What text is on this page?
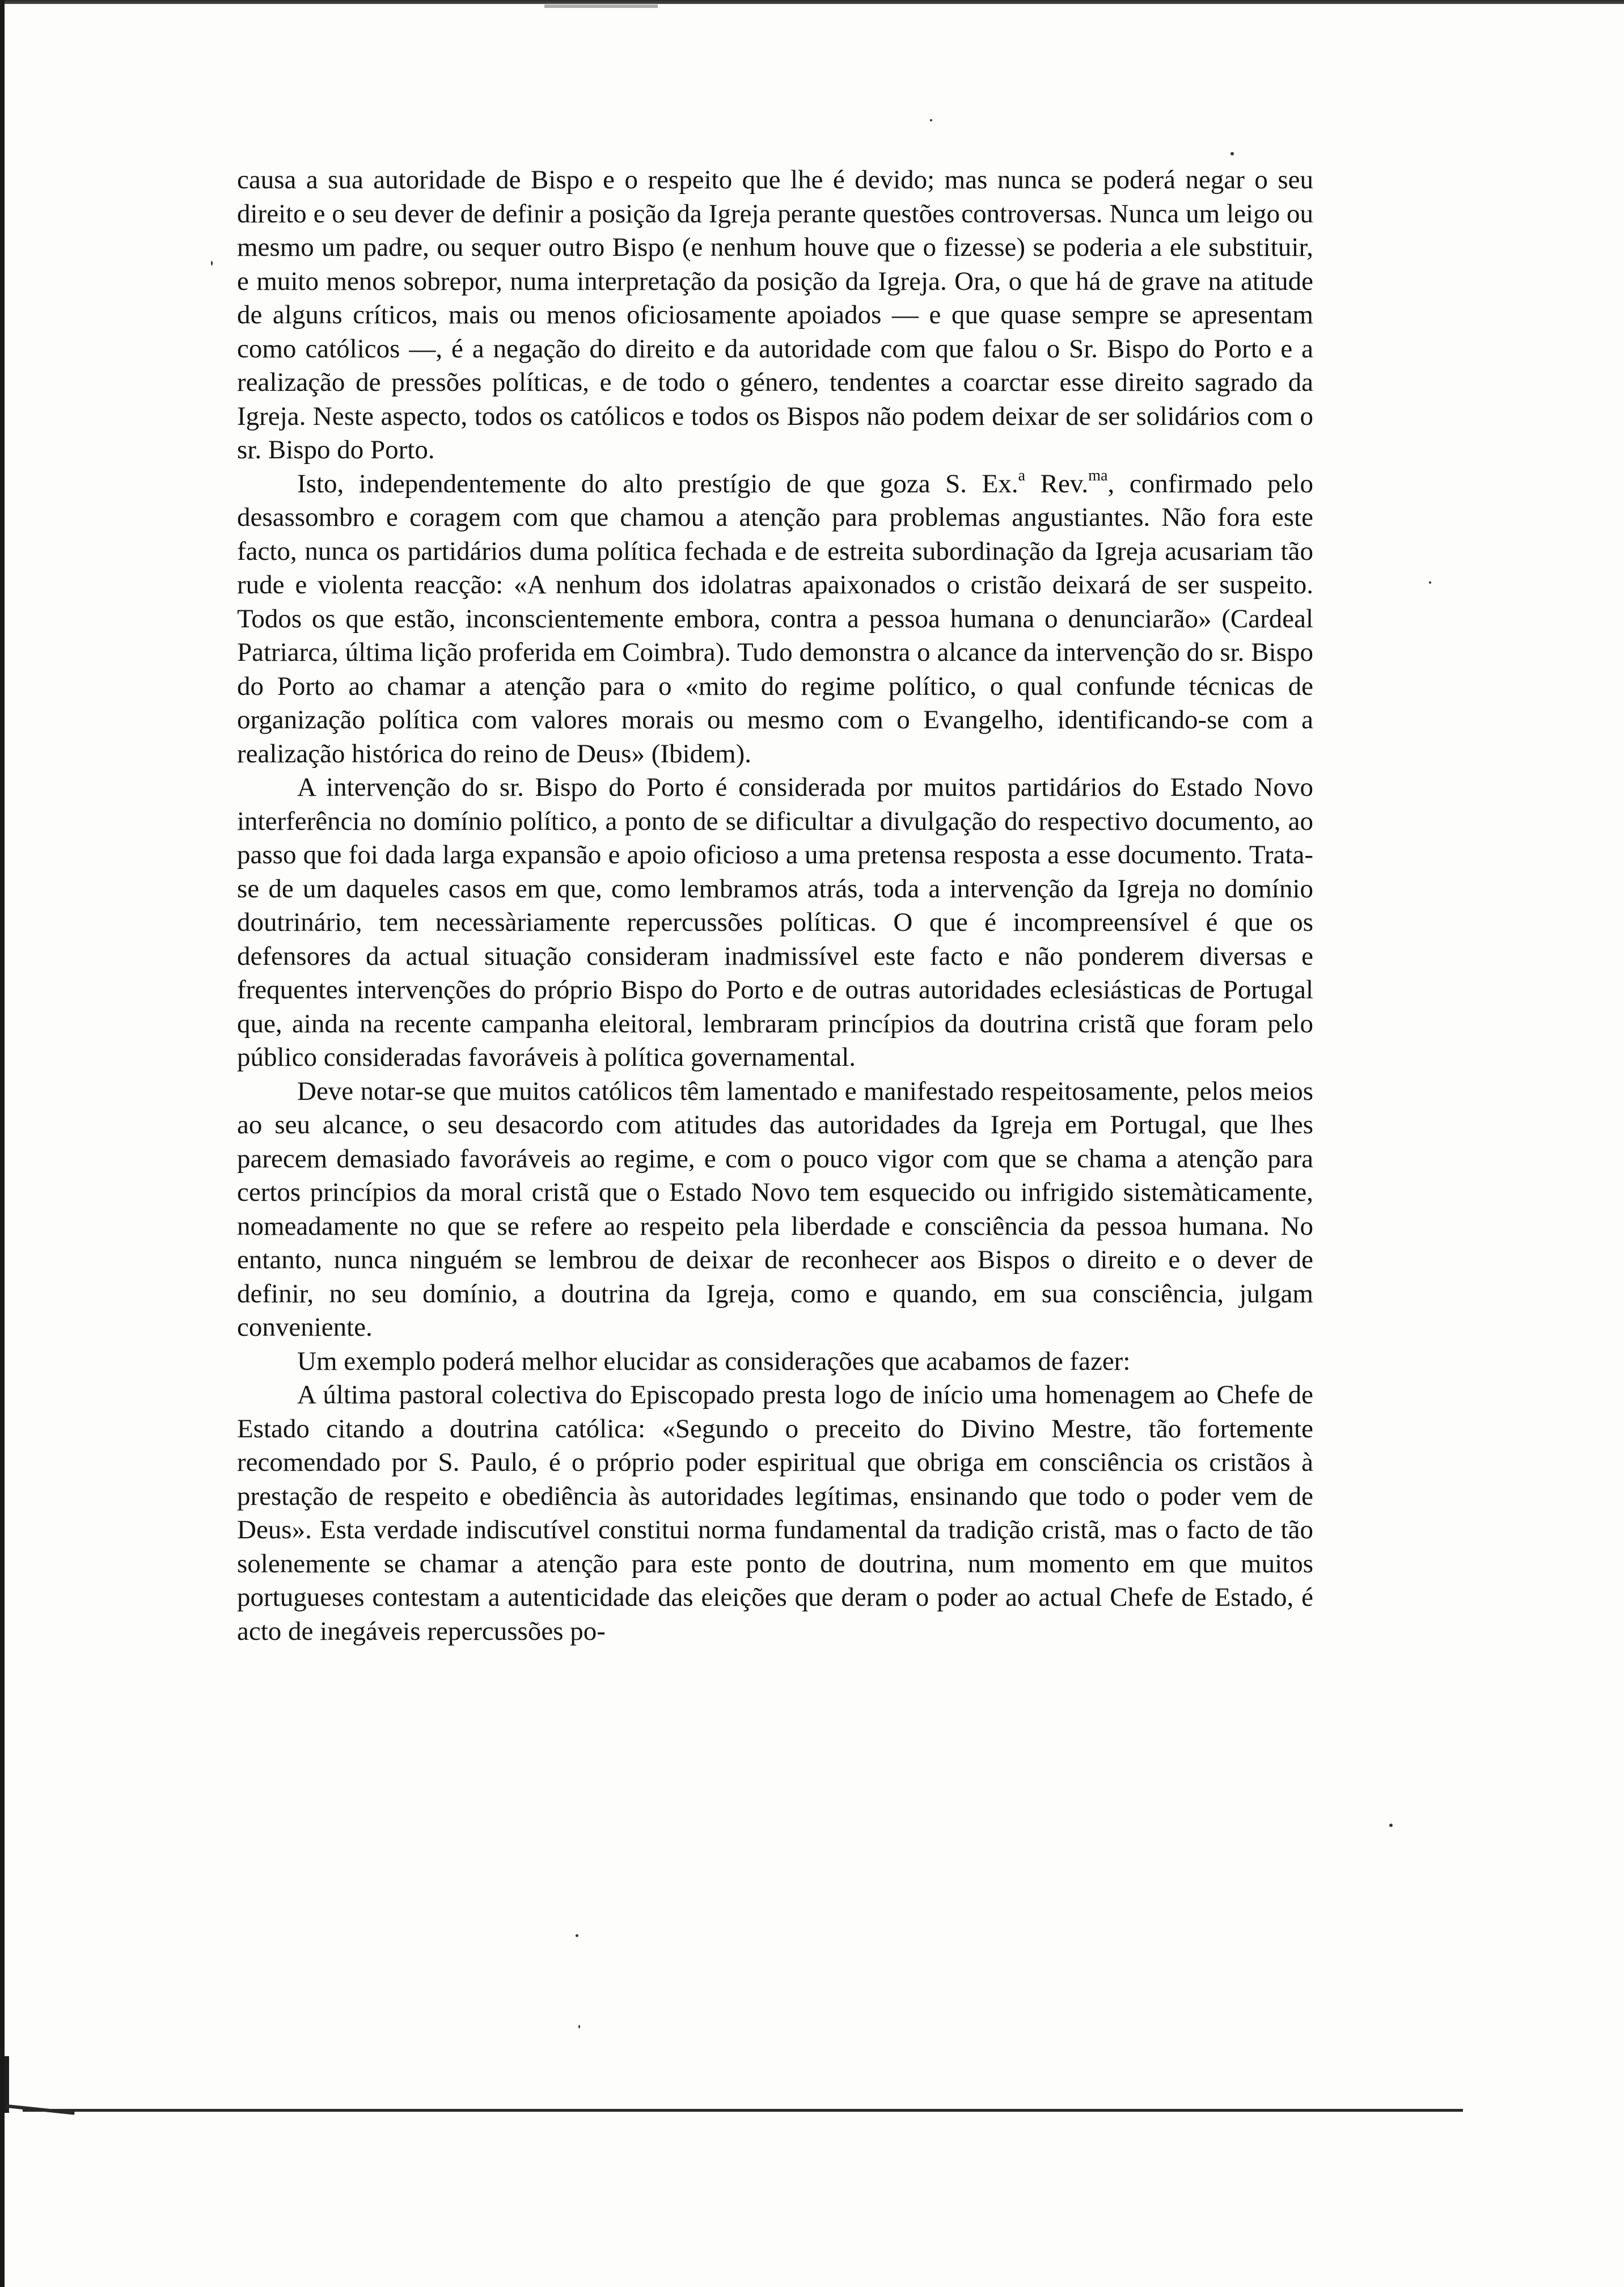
causa a sua autoridade de Bispo e o respeito que lhe é devido; mas nunca se poderá negar o seu direito e o seu dever de definir a posição da Igreja perante questões controversas. Nunca um leigo ou mesmo um padre, ou sequer outro Bispo (e nenhum houve que o fizesse) se poderia a ele substituir, e muito menos sobrepor, numa interpretação da posição da Igreja. Ora, o que há de grave na atitude de alguns críticos, mais ou menos oficiosamente apoiados — e que quase sempre se apresentam como católicos —, é a negação do direito e da autoridade com que falou o Sr. Bispo do Porto e a realização de pressões políticas, e de todo o género, tendentes a coarctar esse direito sagrado da Igreja. Neste aspecto, todos os católicos e todos os Bispos não podem deixar de ser solidários com o sr. Bispo do Porto.

Isto, independentemente do alto prestígio de que goza S. Ex.$^a$ Rev.$^{ma}$, confirmado pelo desassombro e coragem com que chamou a atenção para problemas angustiantes. Não fora este facto, nunca os partidários duma política fechada e de estreita subordinação da Igreja acusariam tão rude e violenta reacção: «A nenhum dos idolatras apaixonados o cristão deixará de ser suspeito. Todos os que estão, inconscientemente embora, contra a pessoa humana o denunciarão» (Cardeal Patriarca, última lição proferida em Coimbra). Tudo demonstra o alcance da intervenção do sr. Bispo do Porto ao chamar a atenção para o «mito do regime político, o qual confunde técnicas de organização política com valores morais ou mesmo com o Evangelho, identificando-se com a realização histórica do reino de Deus» (Ibidem).

A intervenção do sr. Bispo do Porto é considerada por muitos partidários do Estado Novo interferência no domínio político, a ponto de se dificultar a divulgação do respectivo documento, ao passo que foi dada larga expansão e apoio oficioso a uma pretensa resposta a esse documento. Trata-se de um daqueles casos em que, como lembramos atrás, toda a intervenção da Igreja no domínio doutrinário, tem necessàriamente repercussões políticas. O que é incompreensível é que os defensores da actual situação consideram inadmissível este facto e não ponderem diversas e frequentes intervenções do próprio Bispo do Porto e de outras autoridades eclesiásticas de Portugal que, ainda na recente campanha eleitoral, lembraram princípios da doutrina cristã que foram pelo público consideradas favoráveis à política governamental.

Deve notar-se que muitos católicos têm lamentado e manifestado respeitosamente, pelos meios ao seu alcance, o seu desacordo com atitudes das autoridades da Igreja em Portugal, que lhes parecem demasiado favoráveis ao regime, e com o pouco vigor com que se chama a atenção para certos princípios da moral cristã que o Estado Novo tem esquecido ou infrigido sistemàticamente, nomeadamente no que se refere ao respeito pela liberdade e consciência da pessoa humana. No entanto, nunca ninguém se lembrou de deixar de reconhecer aos Bispos o direito e o dever de definir, no seu domínio, a doutrina da Igreja, como e quando, em sua consciência, julgam conveniente.

Um exemplo poderá melhor elucidar as considerações que acabamos de fazer:

A última pastoral colectiva do Episcopado presta logo de início uma homenagem ao Chefe de Estado citando a doutrina católica: «Segundo o preceito do Divino Mestre, tão fortemente recomendado por S. Paulo, é o próprio poder espiritual que obriga em consciência os cristãos à prestação de respeito e obediência às autoridades legítimas, ensinando que todo o poder vem de Deus». Esta verdade indiscutível constitui norma fundamental da tradição cristã, mas o facto de tão solenemente se chamar a atenção para este ponto de doutrina, num momento em que muitos portugueses contestam a autenticidade das eleições que deram o poder ao actual Chefe de Estado, é acto de inegáveis repercussões po-
